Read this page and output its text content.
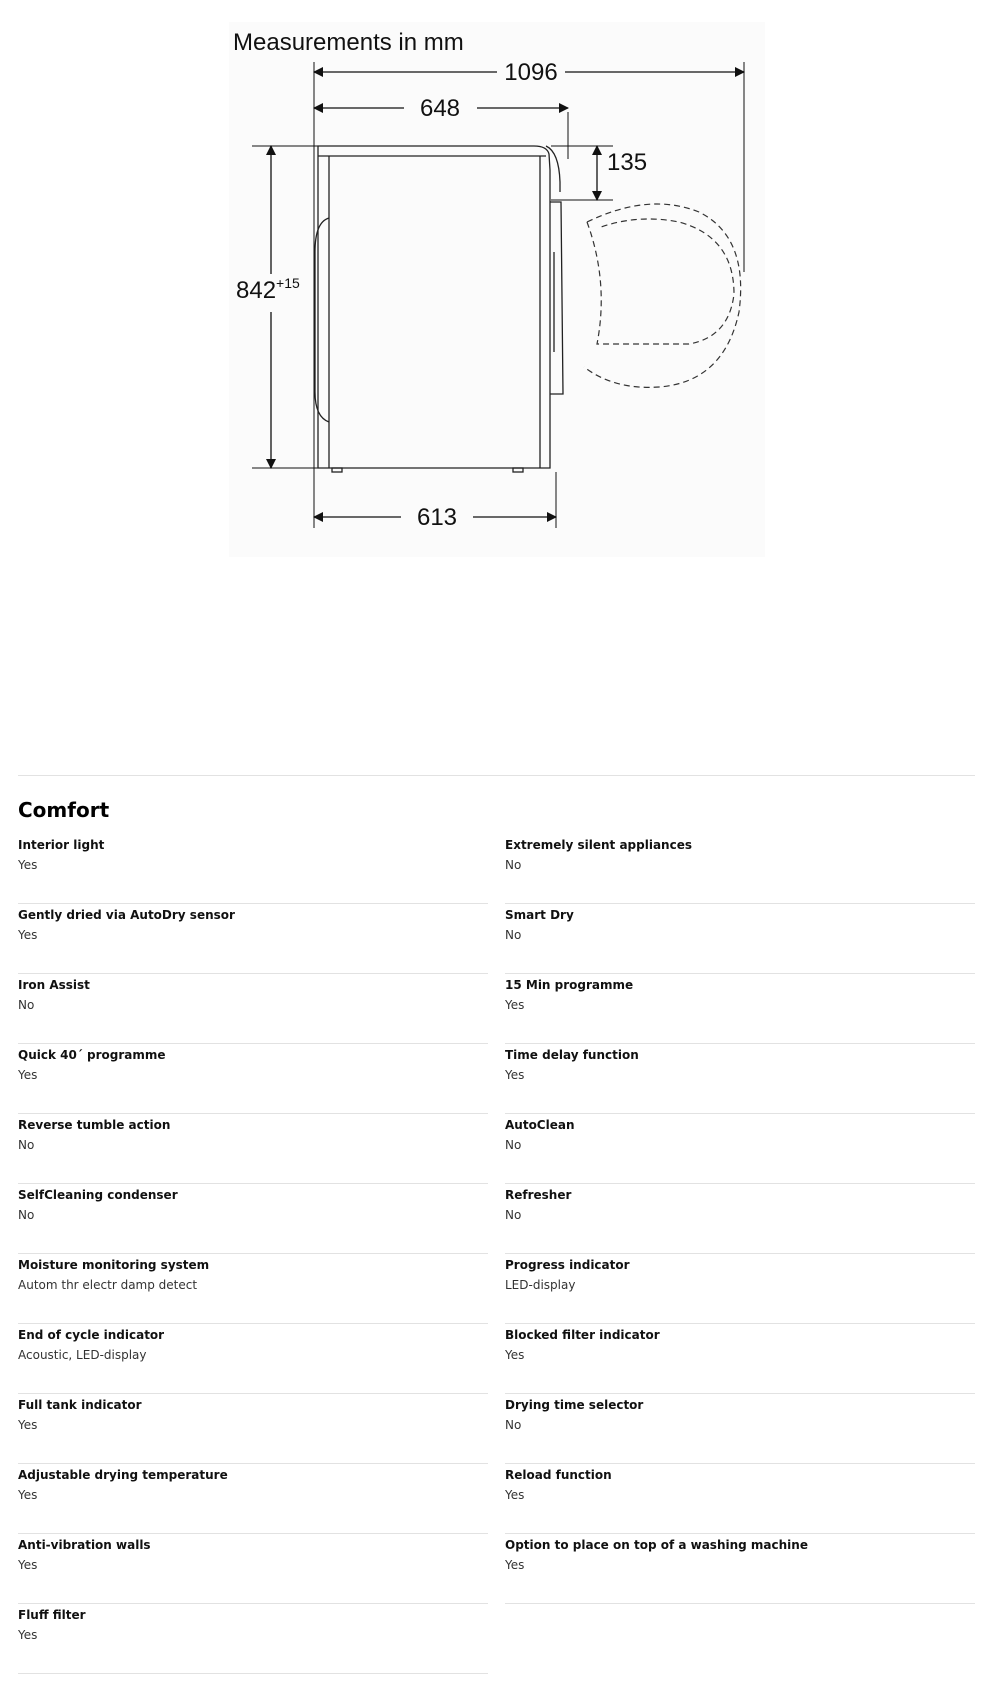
Measurements in mm
1096
648
135
$842^{+15}$
613
Comfort
Interior light
Yes
Extremely silent appliances
No
Gently dried via AutoDry sensor
Yes
Smart Dry
No
Iron Assist
No
15 Min programme
Yes
Quick 40´ programme
Yes
Time delay function
Yes
Reverse tumble action
No
AutoClean
No
SelfCleaning condenser
No
Refresher
No
Moisture monitoring system
Autom thr electr damp detect
Progress indicator
LED-display
End of cycle indicator
Acoustic, LED-display
Blocked filter indicator
Yes
Full tank indicator
Yes
Drying time selector
No
Adjustable drying temperature
Yes
Reload function
Yes
Anti-vibration walls
Yes
Option to place on top of a washing machine
Yes
Fluff filter
Yes
